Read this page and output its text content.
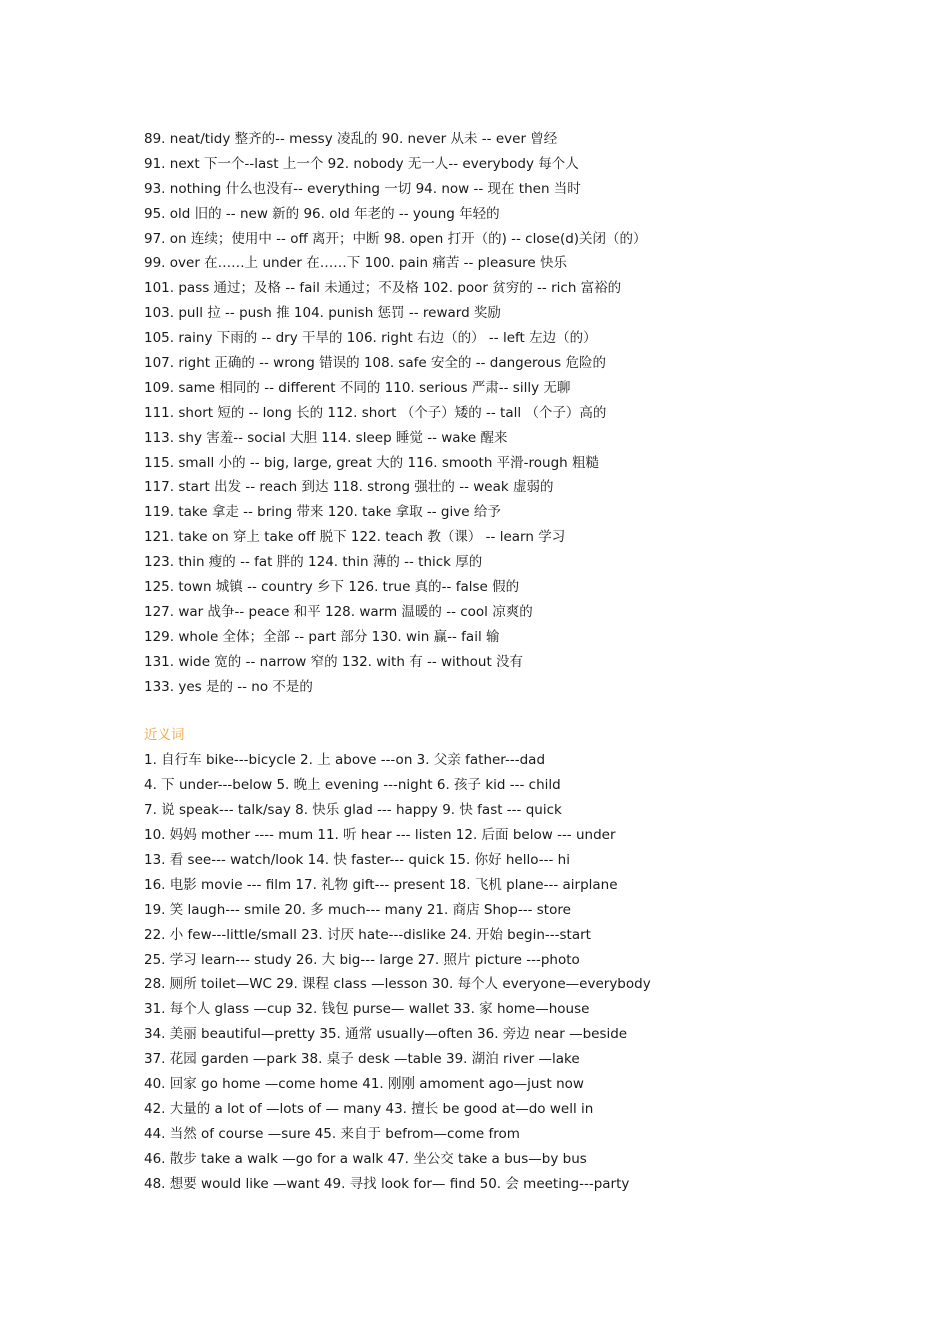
89. neat/tidy 整齐的-- messy 凌乱的 90. never 从未 -- ever 曾经
91. next 下一个--last 上一个 92. nobody 无一人-- everybody 每个人
93. nothing 什么也没有-- everything 一切 94. now -- 现在 then 当时
95. old 旧的 -- new 新的 96. old 年老的 -- young 年轻的
97. on 连续；使用中 -- off 离开；中断 98. open 打开（的) -- close(d)关闭（的）
99. over 在……上 under 在……下 100. pain 痛苦 -- pleasure 快乐
101. pass 通过；及格 -- fail 未通过；不及格 102. poor 贫穷的 -- rich 富裕的
103. pull 拉 -- push 推 104. punish 惩罚 -- reward 奖励
105. rainy 下雨的 -- dry 干旱的 106. right 右边（的） -- left 左边（的）
107. right 正确的 -- wrong 错误的 108. safe 安全的 -- dangerous 危险的
109. same 相同的 -- different 不同的 110. serious 严肃-- silly 无聊
111. short 短的 -- long 长的 112. short （个子）矮的 -- tall （个子）高的
113. shy 害羞-- social 大胆 114. sleep 睡觉 -- wake 醒来
115. small 小的 -- big, large, great 大的 116. smooth 平滑-rough 粗糙
117. start 出发 -- reach 到达 118. strong 强壮的 -- weak 虚弱的
119. take 拿走 -- bring 带来 120. take 拿取 -- give 给予
121. take on 穿上 take off 脱下 122. teach 教（课） -- learn 学习
123. thin 瘦的 -- fat 胖的 124. thin 薄的 -- thick 厚的
125. town 城镇 -- country 乡下 126. true 真的-- false 假的
127. war 战争-- peace 和平 128. warm 温暖的 -- cool 凉爽的
129. whole 全体；全部 -- part 部分 130. win 赢-- fail 输
131. wide 宽的 -- narrow 窄的 132. with 有 -- without 没有
133. yes 是的 -- no 不是的
近义词
1. 自行车 bike---bicycle 2. 上 above ---on 3. 父亲 father---dad
4. 下 under---below 5. 晚上 evening ---night 6. 孩子 kid --- child
7. 说 speak--- talk/say 8. 快乐 glad --- happy 9. 快 fast --- quick
10. 妈妈 mother ---- mum 11. 听 hear --- listen 12. 后面 below --- under
13. 看 see--- watch/look 14. 快 faster--- quick 15. 你好 hello--- hi
16. 电影 movie --- film 17. 礼物 gift--- present 18. 飞机 plane--- airplane
19. 笑 laugh--- smile 20. 多 much--- many 21. 商店 Shop--- store
22. 小 few---little/small 23. 讨厌 hate---dislike 24. 开始 begin---start
25. 学习 learn--- study 26. 大 big--- large 27. 照片 picture ---photo
28. 厕所 toilet—WC 29. 课程 class —lesson 30. 每个人 everyone—everybody
31. 每个人 glass —cup 32. 钱包 purse— wallet 33. 家 home—house
34. 美丽 beautiful—pretty 35. 通常 usually—often 36. 旁边 near —beside
37. 花园 garden —park 38. 桌子 desk —table 39. 湖泊 river —lake
40. 回家 go home —come home 41. 刚刚 amoment ago—just now
42. 大量的 a lot of —lots of — many 43. 擅长 be good at—do well in
44. 当然 of course —sure 45. 来自于 befrom—come from
46. 散步 take a walk —go for a walk 47. 坐公交 take a bus—by bus
48. 想要 would like —want 49. 寻找 look for— find 50. 会 meeting---party
